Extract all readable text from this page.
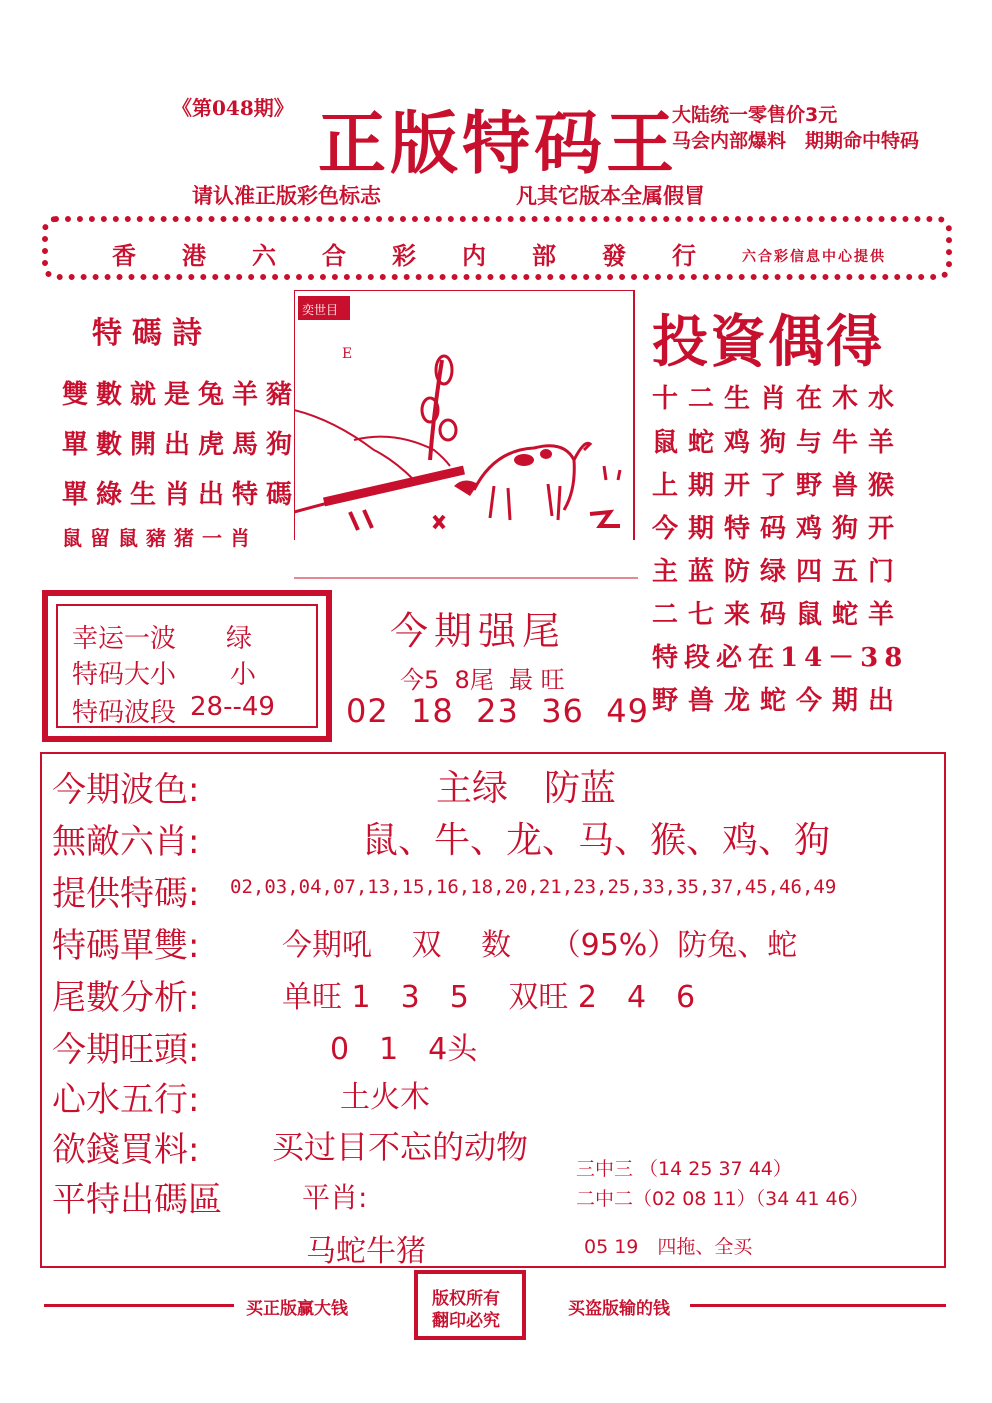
《第048期》 正版特码王
大陆统一零售价3元
马会内部爆料　期期命中特码
请认准正版彩色标志	凡其它版本全属假冒
香港六合彩内部發行 六合彩信息中心提供
特碼詩
雙數就是兔羊豬
單數開出虎馬狗
單綠生肖出特碼
鼠留鼠豬猪一肖
奕世目
E	投資偶得
十二生肖在木水
鼠蛇鸡狗与牛羊
上期开了野兽猴
今期特码鸡狗开
主蓝防绿四五门
二七来码鼠蛇羊
特段必在14－38
野兽龙蛇今期出
幸运一波 绿
特码大小 小
特码波段 28--49
今期强尾
今5  8尾  最 旺
02  18  23  36  49
今期波色:	主绿　防蓝
無敵六肖:	鼠、牛、龙、马、猴、鸡、狗
提供特碼: 02,03,04,07,13,15,16,18,20,21,23,25,33,35,37,45,46,49
特碼單雙:	今期吼　 双　 数　 （95%）防兔、蛇
尾數分析:	单旺 1　3　5　 双旺 2　4　6
今期旺頭:	0　1　4头
心水五行:	土火木
欲錢買料: 买过目不忘的动物
平特出碼區	平肖:
马蛇牛猪
三中三 （14 25 37 44）
二中二（02 08 11）（34 41 46）
05 19　四拖、全买
买正版赢大钱	版权所有
翻印必究
买盗版输的钱
